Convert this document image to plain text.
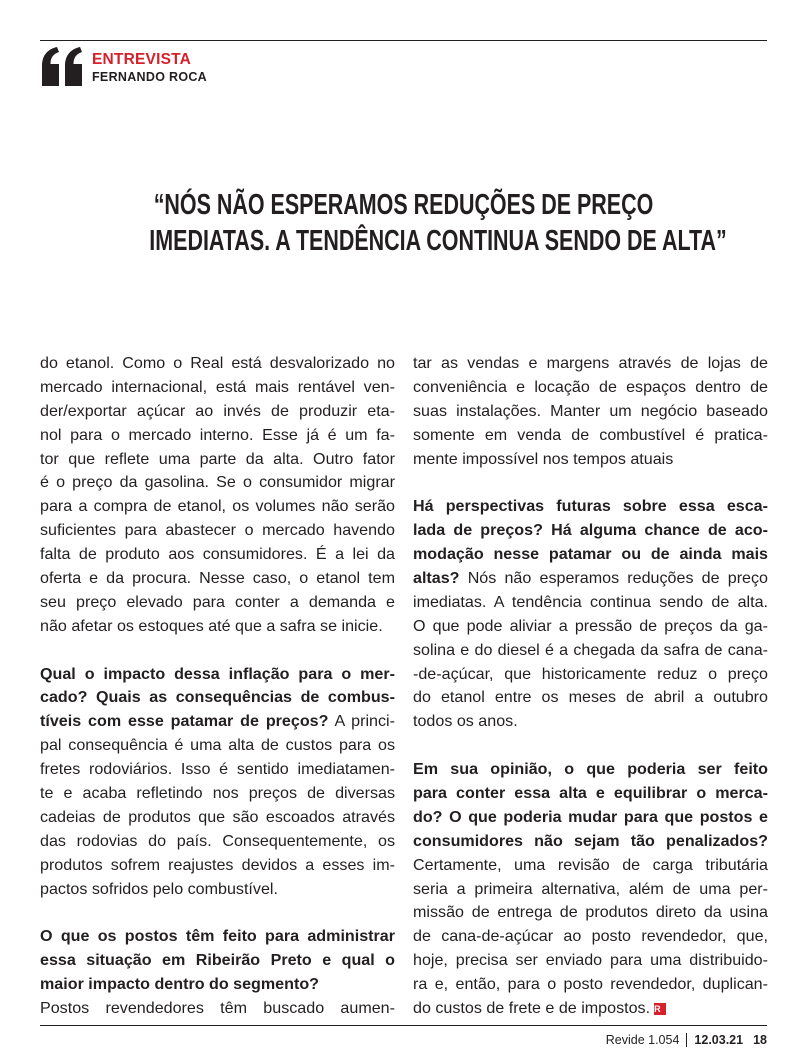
ENTREVISTA
FERNANDO ROCA
“NÓS NÃO ESPERAMOS REDUÇÕES DE PREÇO
IMEDIATAS. A TENDÊNCIA CONTINUA SENDO DE ALTA”
do etanol. Como o Real está desvalorizado no
mercado internacional, está mais rentável ven-
der/exportar açúcar ao invés de produzir eta-
nol para o mercado interno. Esse já é um fa-
tor que reflete uma parte da alta. Outro fator
é o preço da gasolina. Se o consumidor migrar
para a compra de etanol, os volumes não serão
suficientes para abastecer o mercado havendo
falta de produto aos consumidores. É a lei da
oferta e da procura. Nesse caso, o etanol tem
seu preço elevado para conter a demanda e
não afetar os estoques até que a safra se inicie.
Qual o impacto dessa inflação para o mer-
cado? Quais as consequências de combus-
tíveis com esse patamar de preços? A princi-
pal consequência é uma alta de custos para os
fretes rodoviários. Isso é sentido imediatamen-
te e acaba refletindo nos preços de diversas
cadeias de produtos que são escoados através
das rodovias do país. Consequentemente, os
produtos sofrem reajustes devidos a esses im-
pactos sofridos pelo combustível.
O que os postos têm feito para administrar
essa situação em Ribeirão Preto e qual o
maior impacto dentro do segmento?
Postos revendedores têm buscado aumen-
tar as vendas e margens através de lojas de
conveniência e locação de espaços dentro de
suas instalações. Manter um negócio baseado
somente em venda de combustível é pratica-
mente impossível nos tempos atuais
Há perspectivas futuras sobre essa esca-
lada de preços? Há alguma chance de aco-
modação nesse patamar ou de ainda mais
altas? Nós não esperamos reduções de preço
imediatas. A tendência continua sendo de alta.
O que pode aliviar a pressão de preços da ga-
solina e do diesel é a chegada da safra de cana-
-de-açúcar, que historicamente reduz o preço
do etanol entre os meses de abril a outubro
todos os anos.
Em sua opinião, o que poderia ser feito
para conter essa alta e equilibrar o merca-
do? O que poderia mudar para que postos e
consumidores não sejam tão penalizados?
Certamente, uma revisão de carga tributária
seria a primeira alternativa, além de uma per-
missão de entrega de produtos direto da usina
de cana-de-açúcar ao posto revendedor, que,
hoje, precisa ser enviado para uma distribuido-
ra e, então, para o posto revendedor, duplican-
do custos de frete e de impostos. R
Revide 1.054 12.03.21 18
